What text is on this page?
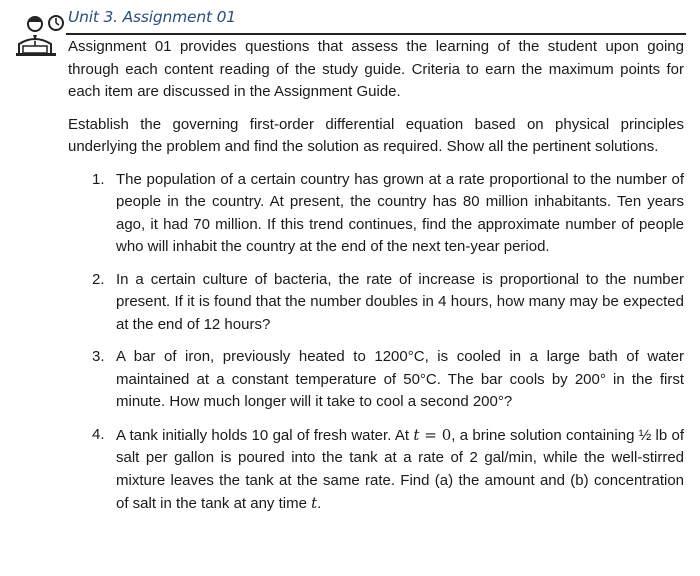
Unit 3. Assignment 01

Assignment 01 provides questions that assess the learning of the student upon going through each content reading of the study guide. Criteria to earn the maximum points for each item are discussed in the Assignment Guide.

Establish the governing first-order differential equation based on physical principles underlying the problem and find the solution as required. Show all the pertinent solutions.

1. The population of a certain country has grown at a rate proportional to the number of people in the country. At present, the country has 80 million inhabitants. Ten years ago, it had 70 million. If this trend continues, find the approximate number of people who will inhabit the country at the end of the next ten-year period.
2. In a certain culture of bacteria, the rate of increase is proportional to the number present. If it is found that the number doubles in 4 hours, how many may be expected at the end of 12 hours?
3. A bar of iron, previously heated to 1200°C, is cooled in a large bath of water maintained at a constant temperature of 50°C. The bar cools by 200° in the first minute. How much longer will it take to cool a second 200°?
4. A tank initially holds 10 gal of fresh water. At t = 0, a brine solution containing ½ lb of salt per gallon is poured into the tank at a rate of 2 gal/min, while the well-stirred mixture leaves the tank at the same rate. Find (a) the amount and (b) concentration of salt in the tank at any time t.
